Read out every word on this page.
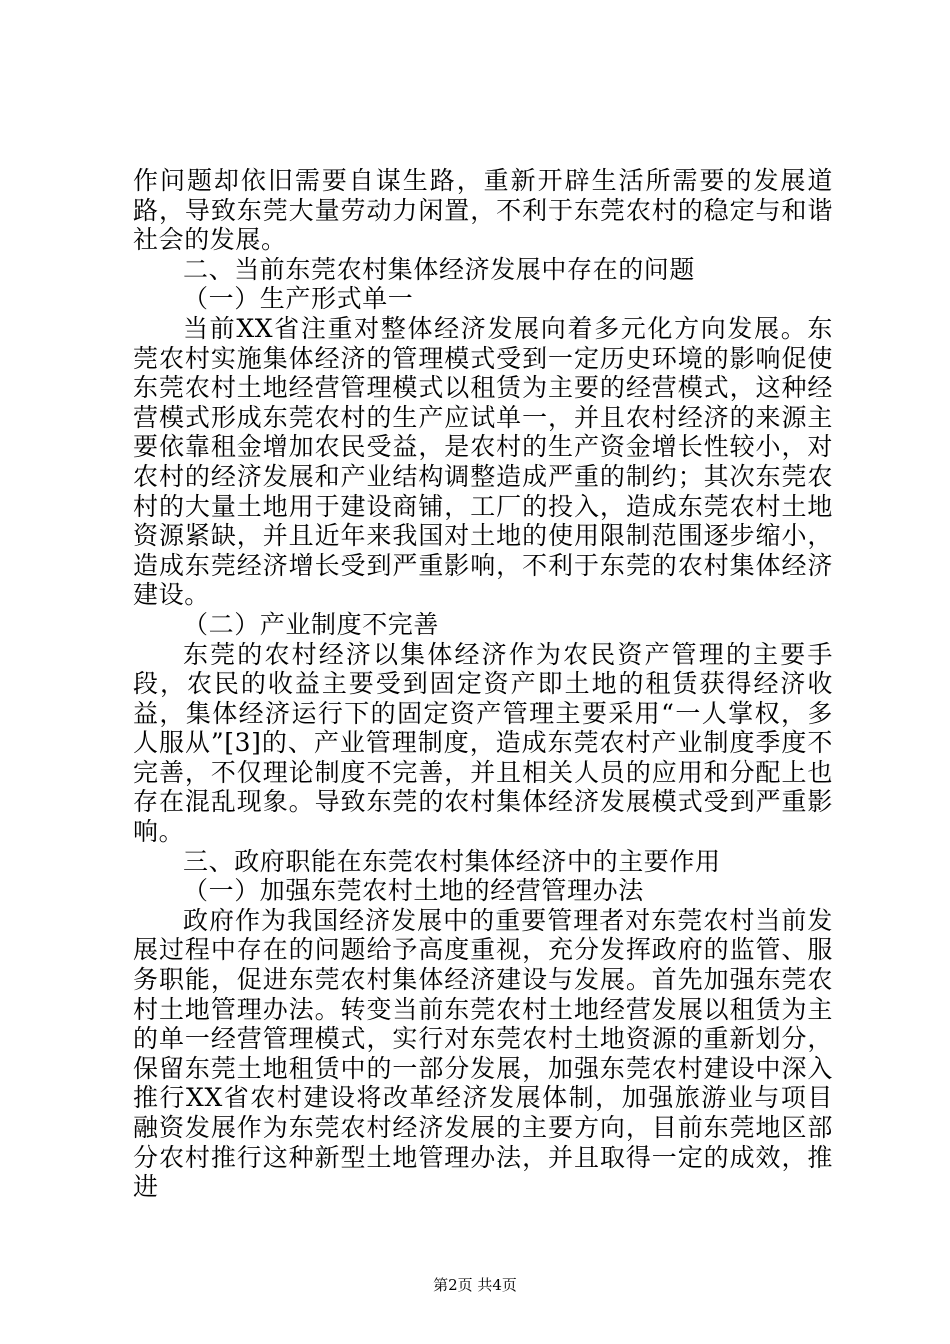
作问题却依旧需要自谋生路，重新开辟生活所需要的发展道路，导致东莞大量劳动力闲置，不利于东莞农村的稳定与和谐社会的发展。

二、当前东莞农村集体经济发展中存在的问题

（一）生产形式单一

当前XX省注重对整体经济发展向着多元化方向发展。东莞农村实施集体经济的管理模式受到一定历史环境的影响促使东莞农村土地经营管理模式以租赁为主要的经营模式，这种经营模式形成东莞农村的生产应试单一，并且农村经济的来源主要依靠租金增加农民受益，是农村的生产资金增长性较小，对农村的经济发展和产业结构调整造成严重的制约；其次东莞农村的大量土地用于建设商铺，工厂的投入，造成东莞农村土地资源紧缺，并且近年来我国对土地的使用限制范围逐步缩小，造成东莞经济增长受到严重影响，不利于东莞的农村集体经济建设。

（二）产业制度不完善

东莞的农村经济以集体经济作为农民资产管理的主要手段，农民的收益主要受到固定资产即土地的租赁获得经济收益，集体经济运行下的固定资产管理主要采用“一人掌权，多人服从”[3]的、产业管理制度，造成东莞农村产业制度季度不完善，不仅理论制度不完善，并且相关人员的应用和分配上也存在混乱现象。导致东莞的农村集体经济发展模式受到严重影响。

三、政府职能在东莞农村集体经济中的主要作用

（一）加强东莞农村土地的经营管理办法

政府作为我国经济发展中的重要管理者对东莞农村当前发展过程中存在的问题给予高度重视，充分发挥政府的监管、服务职能，促进东莞农村集体经济建设与发展。首先加强东莞农村土地管理办法。转变当前东莞农村土地经营发展以租赁为主的单一经营管理模式，实行对东莞农村土地资源的重新划分，保留东莞土地租赁中的一部分发展，加强东莞农村建设中深入推行XX省农村建设将改革经济发展体制，加强旅游业与项目融资发展作为东莞农村经济发展的主要方向，目前东莞地区部分农村推行这种新型土地管理办法，并且取得一定的成效，推进

第2页 共4页
